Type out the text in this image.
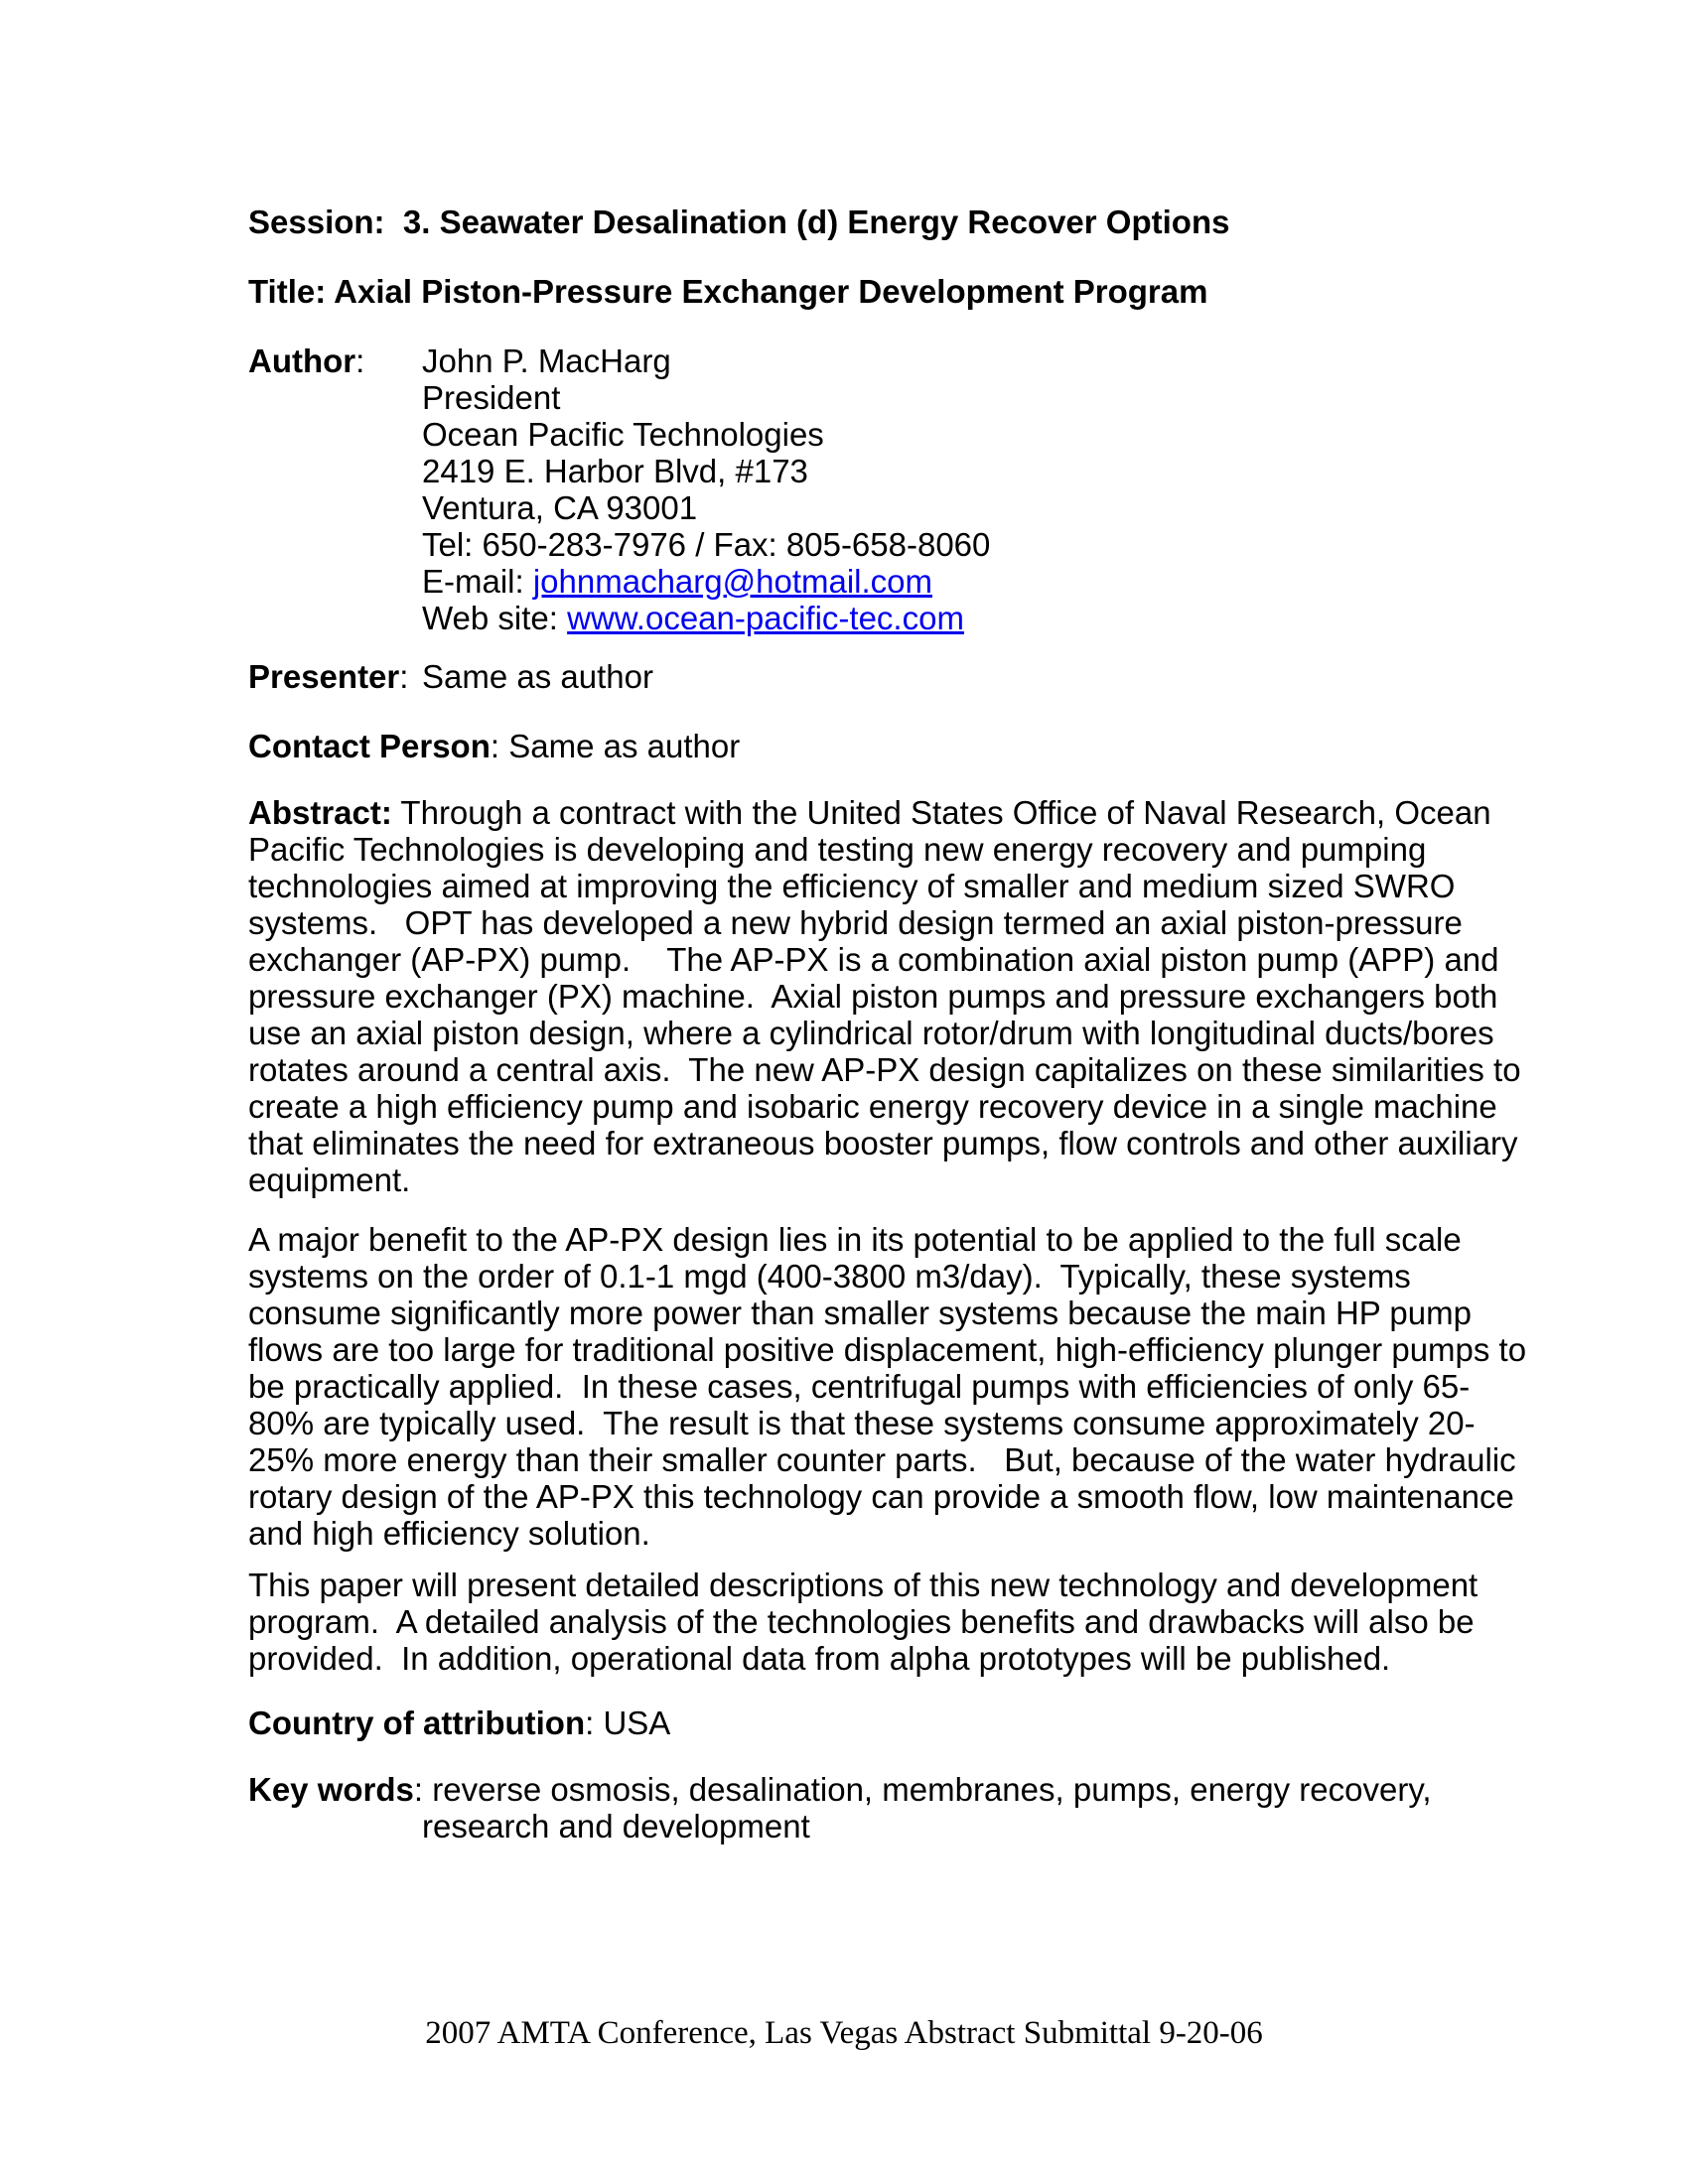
Session:  3. Seawater Desalination (d) Energy Recover Options
Title: Axial Piston-Pressure Exchanger Development Program
Author:	John P. MacHarg
President
Ocean Pacific Technologies
2419 E. Harbor Blvd, #173
Ventura, CA 93001
Tel: 650-283-7976 / Fax: 805-658-8060
E-mail: johnmacharg@hotmail.com
Web site: www.ocean-pacific-tec.com
Presenter: Same as author
Contact Person: Same as author
Abstract: Through a contract with the United States Office of Naval Research, Ocean
Pacific Technologies is developing and testing new energy recovery and pumping
technologies aimed at improving the efficiency of smaller and medium sized SWRO
systems.   OPT has developed a new hybrid design termed an axial piston-pressure
exchanger (AP-PX) pump.    The AP-PX is a combination axial piston pump (APP) and
pressure exchanger (PX) machine.  Axial piston pumps and pressure exchangers both
use an axial piston design, where a cylindrical rotor/drum with longitudinal ducts/bores
rotates around a central axis.  The new AP-PX design capitalizes on these similarities to
create a high efficiency pump and isobaric energy recovery device in a single machine
that eliminates the need for extraneous booster pumps, flow controls and other auxiliary
equipment.
A major benefit to the AP-PX design lies in its potential to be applied to the full scale
systems on the order of 0.1-1 mgd (400-3800 m3/day).  Typically, these systems
consume significantly more power than smaller systems because the main HP pump
flows are too large for traditional positive displacement, high-efficiency plunger pumps to
be practically applied.  In these cases, centrifugal pumps with efficiencies of only 65-
80% are typically used.  The result is that these systems consume approximately 20-
25% more energy than their smaller counter parts.   But, because of the water hydraulic
rotary design of the AP-PX this technology can provide a smooth flow, low maintenance
and high efficiency solution.
This paper will present detailed descriptions of this new technology and development
program.  A detailed analysis of the technologies benefits and drawbacks will also be
provided.  In addition, operational data from alpha prototypes will be published.
Country of attribution: USA
Key words: reverse osmosis, desalination, membranes, pumps, energy recovery,
research and development
2007 AMTA Conference, Las Vegas Abstract Submittal 9-20-06
